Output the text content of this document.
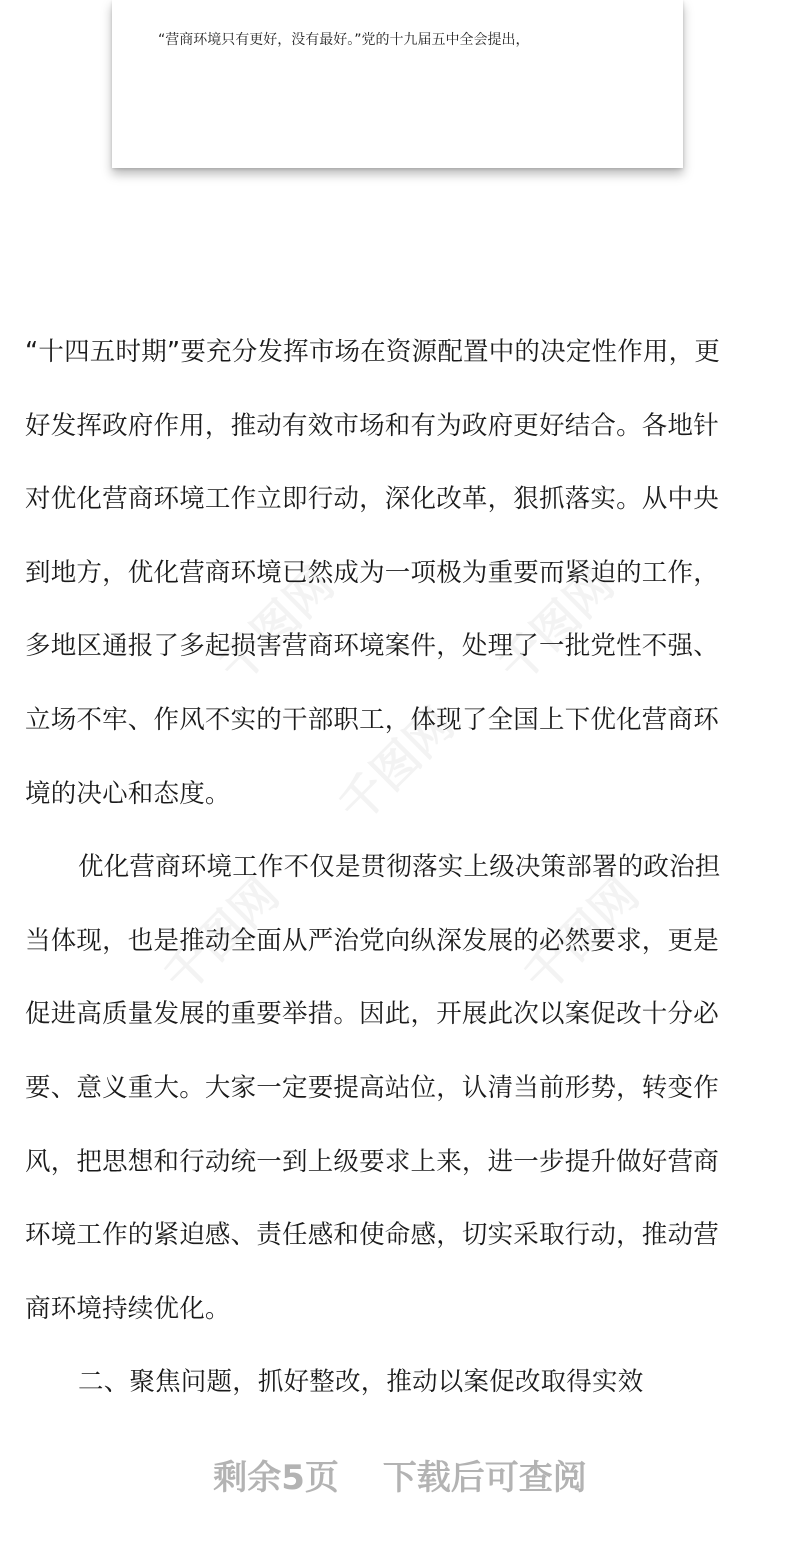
“营商环境只有更好，没有最好。”党的十九届五中全会提出，
千图网	千图网
千图网
千图网	千图网
“十四五时期”要充分发挥市场在资源配置中的决定性作用，更
好发挥政府作用，推动有效市场和有为政府更好结合。各地针
对优化营商环境工作立即行动，深化改革，狠抓落实。从中央
到地方，优化营商环境已然成为一项极为重要而紧迫的工作，
多地区通报了多起损害营商环境案件，处理了一批党性不强、
立场不牢、作风不实的干部职工，体现了全国上下优化营商环
境的决心和态度。
优化营商环境工作不仅是贯彻落实上级决策部署的政治担
当体现，也是推动全面从严治党向纵深发展的必然要求，更是
促进高质量发展的重要举措。因此，开展此次以案促改十分必
要、意义重大。大家一定要提高站位，认清当前形势，转变作
风，把思想和行动统一到上级要求上来，进一步提升做好营商
环境工作的紧迫感、责任感和使命感，切实采取行动，推动营
商环境持续优化。
二、聚焦问题，抓好整改，推动以案促改取得实效
剩余5页 下载后可查阅
